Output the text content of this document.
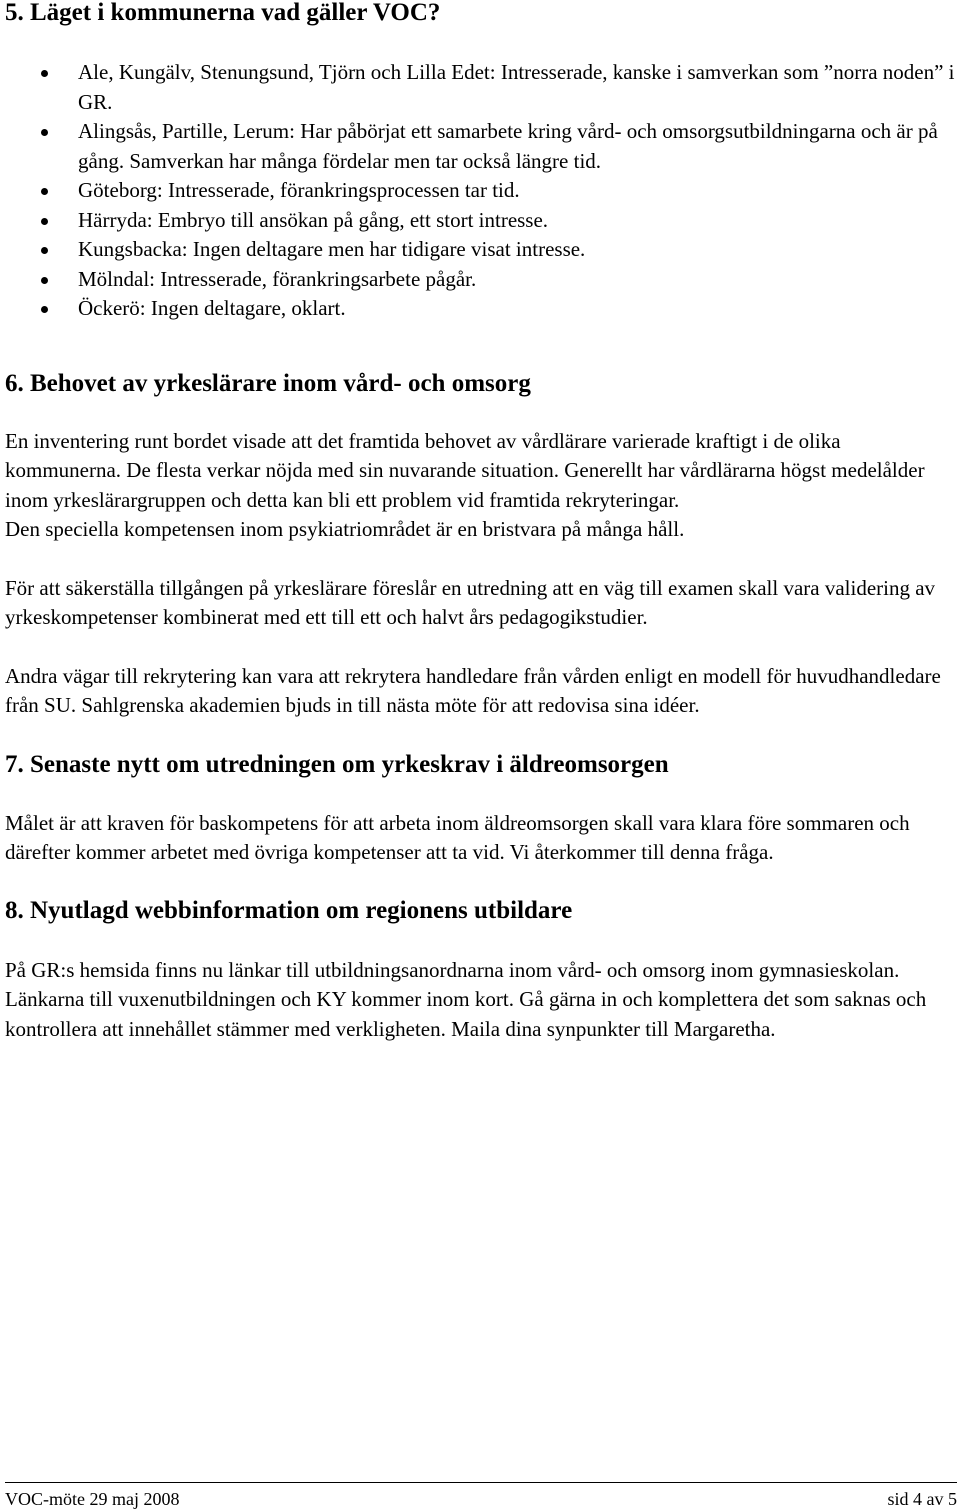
5. Läget i kommunerna vad gäller VOC?
Ale, Kungälv, Stenungsund, Tjörn och Lilla Edet: Intresserade, kanske i samverkan som ”norra noden” i GR.
Alingsås, Partille, Lerum: Har påbörjat ett samarbete kring vård- och omsorgsutbildningarna och är på gång. Samverkan har många fördelar men tar också längre tid.
Göteborg: Intresserade, förankringsprocessen tar tid.
Härryda: Embryo till ansökan på gång, ett stort intresse.
Kungsbacka: Ingen deltagare men har tidigare visat intresse.
Mölndal: Intresserade, förankringsarbete pågår.
Öckerö: Ingen deltagare, oklart.
6. Behovet av yrkeslärare inom vård- och omsorg

En inventering runt bordet visade att det framtida behovet av vårdlärare varierade kraftigt i de olika kommunerna. De flesta verkar nöjda med sin nuvarande situation. Generellt har vårdlärarna högst medelålder inom yrkeslärargruppen och detta kan bli ett problem vid framtida rekryteringar.
Den speciella kompetensen inom psykiatriområdet är en bristvara på många håll.

För att säkerställa tillgången på yrkeslärare föreslår en utredning att en väg till examen skall vara validering av yrkeskompetenser kombinerat med ett till ett och halvt års pedagogikstudier.

Andra vägar till rekrytering kan vara att rekrytera handledare från vården enligt en modell för huvudhandledare från SU. Sahlgrenska akademien bjuds in till nästa möte för att redovisa sina idéer.

7. Senaste nytt om utredningen om yrkeskrav i äldreomsorgen

Målet är att kraven för baskompetens för att arbeta inom äldreomsorgen skall vara klara före sommaren och därefter kommer arbetet med övriga kompetenser att ta vid. Vi återkommer till denna fråga.

8. Nyutlagd webbinformation om regionens utbildare

På GR:s hemsida finns nu länkar till utbildningsanordnarna inom vård- och omsorg inom gymnasieskolan. Länkarna till vuxenutbildningen och KY kommer inom kort. Gå gärna in och komplettera det som saknas och kontrollera att innehållet stämmer med verkligheten. Maila dina synpunkter till Margaretha.

VOC-möte 29 maj 2008	sid 4 av 5
